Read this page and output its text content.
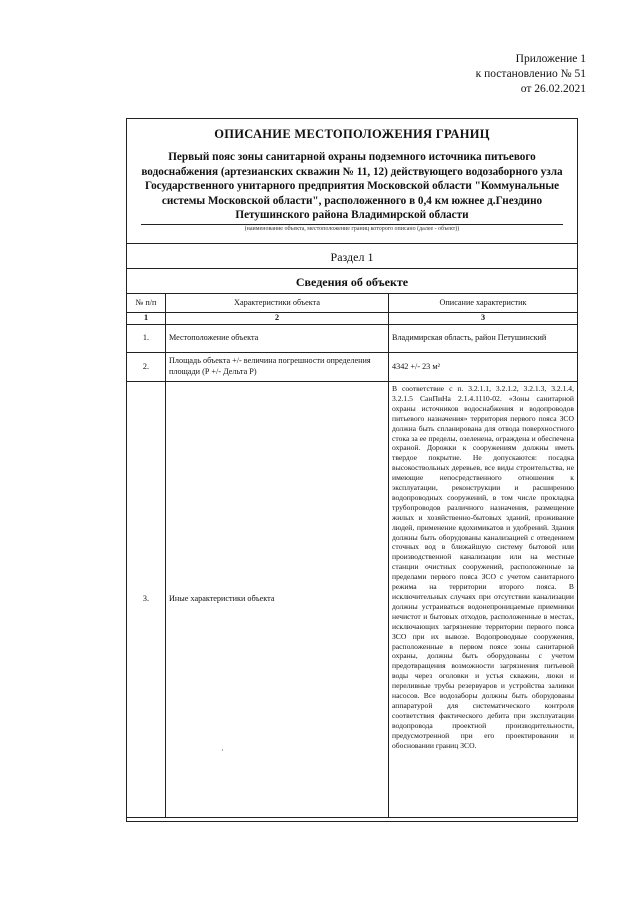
Приложение 1
к постановленио № 51
от 26.02.2021
ОПИСАНИЕ МЕСТОПОЛОЖЕНИЯ ГРАНИЦ
Первый пояс зоны санитарной охраны подземного источника питьевого водоснабжения (артезианских скважин № 11, 12) действующего водозаборного узла Государственного унитарного предприятия Московской области "Коммунальные системы Московской области", расположенного в 0,4 км южнее д.Гнездино Петушинского района Владимирской области
(наименование объекта, местоположение границ которого описано (далее - объект))
Раздел 1
Сведения об объекте
№ п/п	Характеристики объекта	Описание характеристик
1	2	3
1.	Местоположение объекта	Владимирская область, район Петушинский
2.	Площадь объекта +/- величина погрешности определения площади (Р +/- Дельта Р)	4342 +/- 23 м²
3.	Иные характеристики объекта	В соответствие с п. 3.2.1.1, 3.2.1.2, 3.2.1.3, 3.2.1.4, 3.2.1.5 СанПиНа 2.1.4.1110-02. «Зоны санитарной охраны источников водоснабжения и водопроводов питьевого назначения» территория первого пояса ЗСО должна быть спланирована для отвода поверхностного стока за ее пределы, озеленена, ограждена и обеспечена охраной. Дорожки к сооружениям должны иметь твердое покрытие. Не допускаются: посадка высокоствольных деревьев, все виды строительства, не имеющие непосредственного отношения к эксплуатации, реконструкции и расширению водопроводных сооружений, в том числе прокладка трубопроводов различного назначения, размещение жилых и хозяйственно-бытовых зданий, проживание людей, применение ядохимикатов и удобрений. Здания должны быть оборудованы канализацией с отведением сточных вод в ближайшую систему бытовой или производственной канализации или на местные станции очистных сооружений, расположенные за пределами первого пояса ЗСО с учетом санитарного режима на территории второго пояса. В исключительных случаях при отсутствии канализации должны устраиваться водонепроницаемые приемники нечистот и бытовых отходов, расположенные в местах, исключающих загрязнение территории первого пояса ЗСО при их вывозе. Водопроводные сооружения, расположенные в первом поясе зоны санитарной охраны, должны быть оборудованы с учетом предотвращения возможности загрязнения питьевой воды через оголовки и устья скважин, люки и переливные трубы резервуаров и устройства заливки насосов. Все водозаборы должны быть оборудованы аппаратурой для систематического контроля соответствия фактического дебита при эксплуатации водопровода проектной производительности, предусмотренной при его проектировании и обосновании границ ЗСО.
·
